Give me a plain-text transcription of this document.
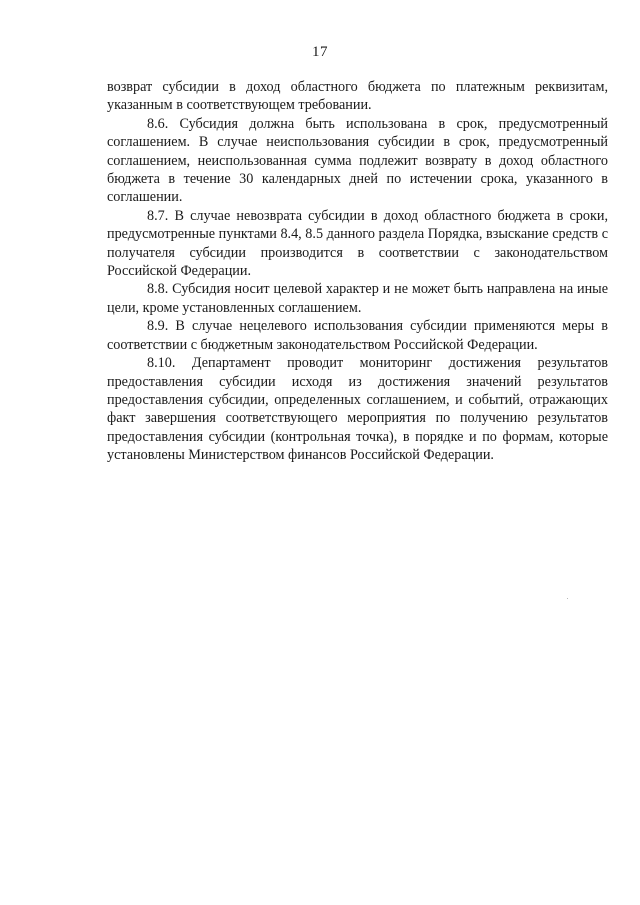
17

возврат субсидии в доход областного бюджета по платежным реквизитам, указанным в соответствующем требовании.

8.6. Субсидия должна быть использована в срок, предусмотренный соглашением. В случае неиспользования субсидии в срок, предусмотренный соглашением, неиспользованная сумма подлежит возврату в доход областного бюджета в течение 30 календарных дней по истечении срока, указанного в соглашении.

8.7. В случае невозврата субсидии в доход областного бюджета в сроки, предусмотренные пунктами 8.4, 8.5 данного раздела Порядка, взыскание средств с получателя субсидии производится в соответствии с законодательством Российской Федерации.

8.8. Субсидия носит целевой характер и не может быть направлена на иные цели, кроме установленных соглашением.

8.9. В случае нецелевого использования субсидии применяются меры в соответствии с бюджетным законодательством Российской Федерации.

8.10. Департамент проводит мониторинг достижения результатов предоставления субсидии исходя из достижения значений результатов предоставления субсидии, определенных соглашением, и событий, отражающих факт завершения соответствующего мероприятия по получению результатов предоставления субсидии (контрольная точка), в порядке и по формам, которые установлены Министерством финансов Российской Федерации.
